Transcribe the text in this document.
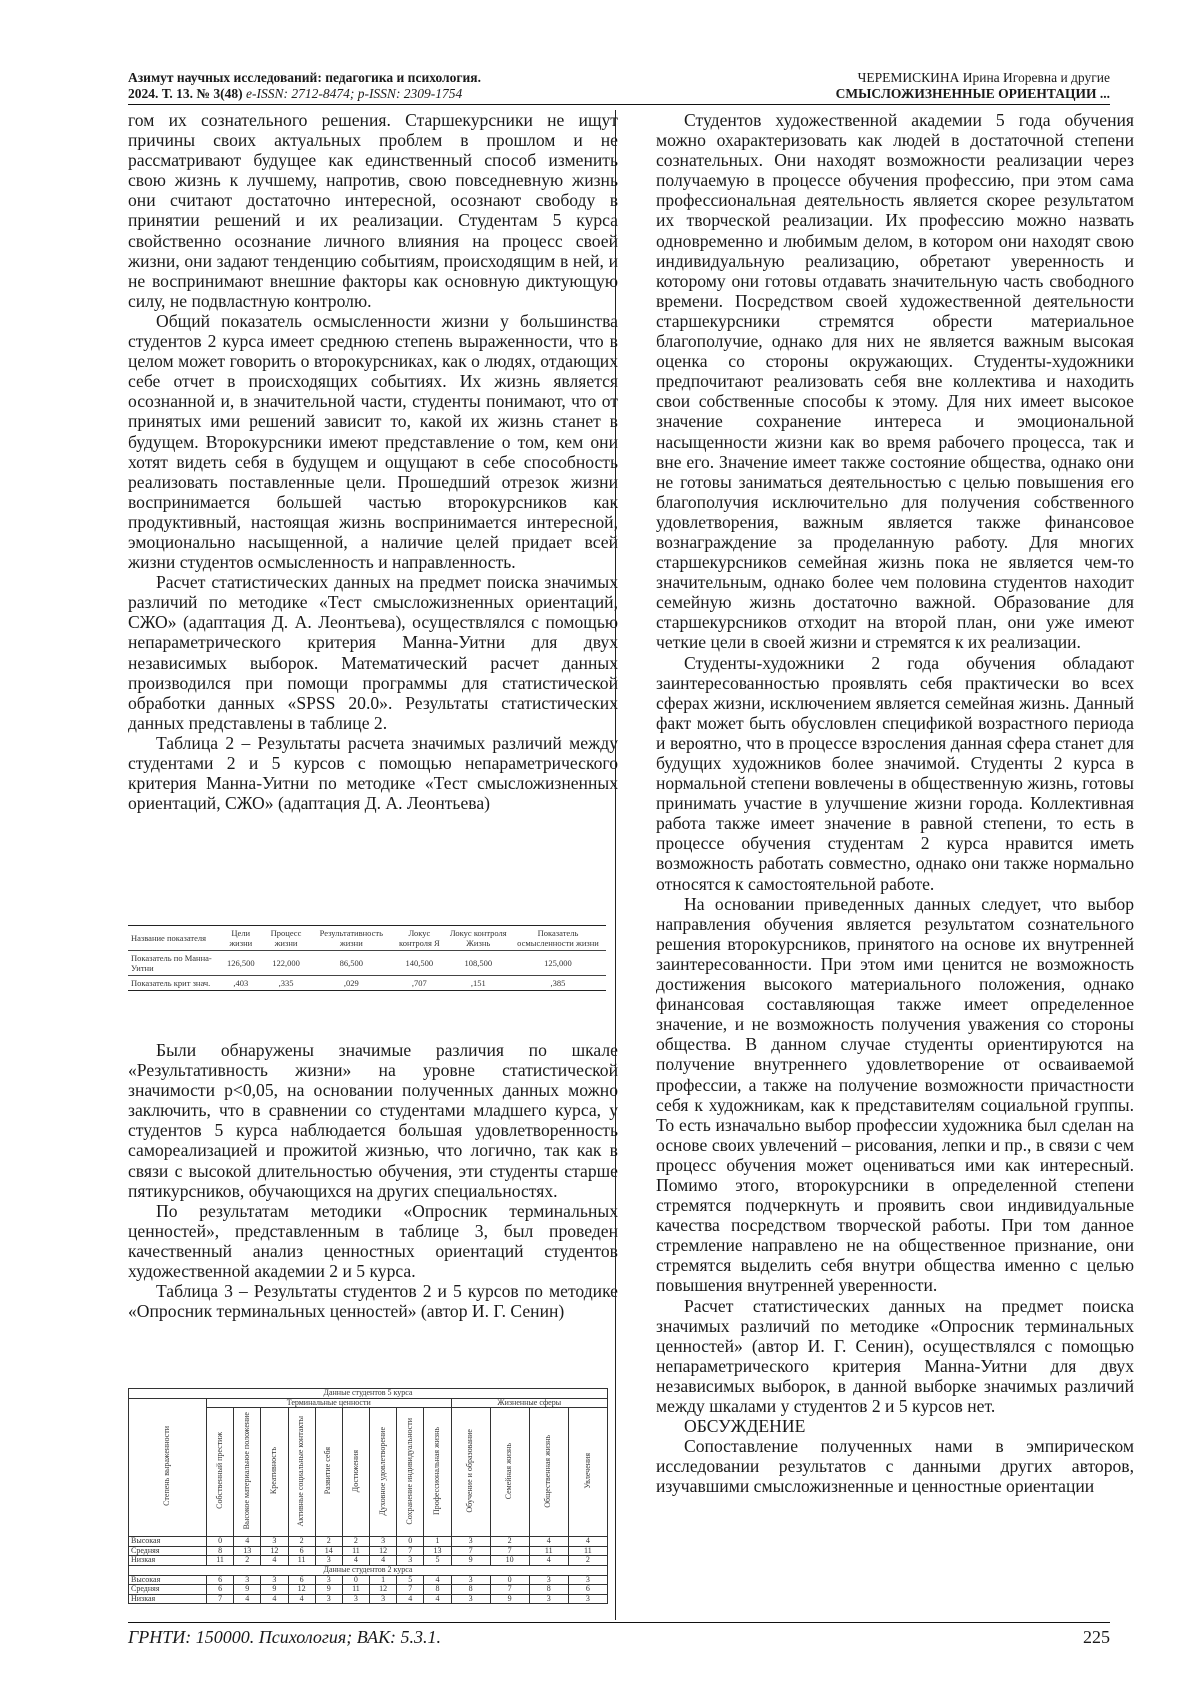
Азимут научных исследований: педагогика и психология.
2024. Т. 13. № 3(48) e-ISSN: 2712-8474; p-ISSN: 2309-1754
ЧЕРЕМИСКИНА Ирина Игоревна и другие
СМЫСЛОЖИЗНЕННЫЕ ОРИЕНТАЦИИ ...

гом их сознательного решения. Старшекурсники не ищут причины своих актуальных проблем в прошлом и не рассматривают будущее как единственный способ изменить свою жизнь к лучшему, напротив, свою повседневную жизнь они считают достаточно интересной, осознают свободу в принятии решений и их реализации. Студентам 5 курса свойственно осознание личного влияния на процесс своей жизни, они задают тенденцию событиям, происходящим в ней, и не воспринимают внешние факторы как основную диктующую силу, не подвластную контролю.

Общий показатель осмысленности жизни у большинства студентов 2 курса имеет среднюю степень выраженности, что в целом может говорить о второкурсниках, как о людях, отдающих себе отчет в происходящих событиях. Их жизнь является осознанной и, в значительной части, студенты понимают, что от принятых ими решений зависит то, какой их жизнь станет в будущем. Второкурсники имеют представление о том, кем они хотят видеть себя в будущем и ощущают в себе способность реализовать поставленные цели. Прошедший отрезок жизни воспринимается большей частью второкурсников как продуктивный, настоящая жизнь воспринимается интересной, эмоционально насыщенной, а наличие целей придает всей жизни студентов осмысленность и направленность.

Расчет статистических данных на предмет поиска значимых различий по методике «Тест смысложизненных ориентаций, СЖО» (адаптация Д. А. Леонтьева), осуществлялся с помощью непараметрического критерия Манна-Уитни для двух независимых выборок. Математический расчет данных производился при помощи программы для статистической обработки данных «SPSS 20.0». Результаты статистических данных представлены в таблице 2.

Таблица 2 – Результаты расчета значимых различий между студентами 2 и 5 курсов с помощью непараметрического критерия Манна-Уитни по методике «Тест смысложизненных ориентаций, СЖО» (адаптация Д. А. Леонтьева)

Название показателя	Цели жизни	Процесс жизни	Результативность жизни	Локус контроля Я	Локус контроля Жизнь	Показатель осмысленности жизни
Показатель по Манна-Уитни	126,500	122,000	86,500	140,500	108,500	125,000
Показатель крит знач.	,403	,335	,029	,707	,151	,385

Были обнаружены значимые различия по шкале «Результативность жизни» на уровне статистической значимости p<0,05, на основании полученных данных можно заключить, что в сравнении со студентами младшего курса, у студентов 5 курса наблюдается большая удовлетворенность самореализацией и прожитой жизнью, что логично, так как в связи с высокой длительностью обучения, эти студенты старше пятикурсников, обучающихся на других специальностях.

По результатам методики «Опросник терминальных ценностей», представленным в таблице 3, был проведен качественный анализ ценностных ориентаций студентов художественной академии 2 и 5 курса.

Таблица 3 – Результаты студентов 2 и 5 курсов по методике «Опросник терминальных ценностей» (автор И. Г. Сенин)

Данные студентов 5 курса													
Степень выраженности	Терминальные ценности									Жизненные сферы			
	Собственный престиж	Высокое материальное положение	Креативность	Активные социальные контакты	Развитие себя	Достижения	Духовное удовлетворение	Сохранение индивидуальности	Профессиональная жизнь	Обучение и образование	Семейная жизнь	Общественная жизнь	Увлечения
Высокая	0	4	3	2	2	2	3	0	1	3	2	4	4
Средняя	8	13	12	6	14	11	12	7	13	7	7	11	11
Низкая	11	2	4	11	3	4	4	3	5	9	10	4	2
Данные студентов 2 курса													
Высокая	6	3	3	6	3	0	1	5	4	3	0	3	3
Средняя	6	9	9	12	9	11	12	7	8	8	7	8	6
Низкая	7	4	4	4	3	3	3	4	4	3	9	3	3

Студентов художественной академии 5 года обучения можно охарактеризовать как людей в достаточной степени сознательных. Они находят возможности реализации через получаемую в процессе обучения профессию, при этом сама профессиональная деятельность является скорее результатом их творческой реализации. Их профессию можно назвать одновременно и любимым делом, в котором они находят свою индивидуальную реализацию, обретают уверенность и которому они готовы отдавать значительную часть свободного времени. Посредством своей художественной деятельности старшекурсники стремятся обрести материальное благополучие, однако для них не является важным высокая оценка со стороны окружающих. Студенты-художники предпочитают реализовать себя вне коллектива и находить свои собственные способы к этому. Для них имеет высокое значение сохранение интереса и эмоциональной насыщенности жизни как во время рабочего процесса, так и вне его. Значение имеет также состояние общества, однако они не готовы заниматься деятельностью с целью повышения его благополучия исключительно для получения собственного удовлетворения, важным является также финансовое вознаграждение за проделанную работу. Для многих старшекурсников семейная жизнь пока не является чем-то значительным, однако более чем половина студентов находит семейную жизнь достаточно важной. Образование для старшекурсников отходит на второй план, они уже имеют четкие цели в своей жизни и стремятся к их реализации.

Студенты-художники 2 года обучения обладают заинтересованностью проявлять себя практически во всех сферах жизни, исключением является семейная жизнь. Данный факт может быть обусловлен спецификой возрастного периода и вероятно, что в процессе взросления данная сфера станет для будущих художников более значимой. Студенты 2 курса в нормальной степени вовлечены в общественную жизнь, готовы принимать участие в улучшение жизни города. Коллективная работа также имеет значение в равной степени, то есть в процессе обучения студентам 2 курса нравится иметь возможность работать совместно, однако они также нормально относятся к самостоятельной работе.

На основании приведенных данных следует, что выбор направления обучения является результатом сознательного решения второкурсников, принятого на основе их внутренней заинтересованности. При этом ими ценится не возможность достижения высокого материального положения, однако финансовая составляющая также имеет определенное значение, и не возможность получения уважения со стороны общества. В данном случае студенты ориентируются на получение внутреннего удовлетворение от осваиваемой профессии, а также на получение возможности причастности себя к художникам, как к представителям социальной группы. То есть изначально выбор профессии художника был сделан на основе своих увлечений – рисования, лепки и пр., в связи с чем процесс обучения может оцениваться ими как интересный. Помимо этого, второкурсники в определенной степени стремятся подчеркнуть и проявить свои индивидуальные качества посредством творческой работы. При том данное стремление направлено не на общественное признание, они стремятся выделить себя внутри общества именно с целью повышения внутренней уверенности.

Расчет статистических данных на предмет поиска значимых различий по методике «Опросник терминальных ценностей» (автор И. Г. Сенин), осуществлялся с помощью непараметрического критерия Манна-Уитни для двух независимых выборок, в данной выборке значимых различий между шкалами у студентов 2 и 5 курсов нет.

ОБСУЖДЕНИЕ

Сопоставление полученных нами в эмпирическом исследовании результатов с данными других авторов, изучавшими смысложизненные и ценностные ориентации

ГРНТИ: 150000. Психология; ВАК: 5.3.1.	225
